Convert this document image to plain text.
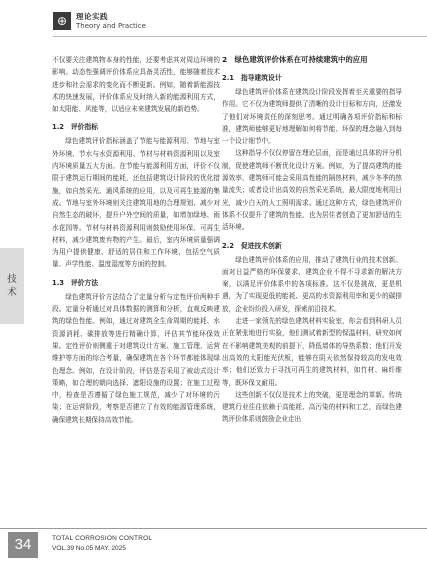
⊕	理论实践
Theory and Practice
技
术

不仅要关注建筑物本身的性能，还要考虑其对周边环境的影响。动态性强调评价体系应具备灵活性，能够随着技术进步和社会需求的变化而不断更新。例如，随着新能源技术的快速发展，评价体系应及时纳入新的能源利用方式，如太阳能、风能等，以适应未来建筑发展的新趋势。

1.2　评价指标

绿色建筑评价指标涵盖了节能与能源利用、节地与室外环境、节水与水资源利用、节材与材料资源利用以及室内环境质量五大方面。在节能与能源利用方面，评价不仅限于建筑运行期间的能耗，还包括建筑设计阶段的优化措施，如自然采光、通风系统的应用，以及可再生能源的集成。节地与室外环境则关注建筑用地的合理规划、减少对自然生态的破坏，提升户外空间的质量，如增加绿地、雨水花园等。节材与材料资源利用则鼓励使用环保、可再生材料，减少建筑废弃物的产生。最后，室内环境质量强调为用户提供健康、舒适的居住和工作环境，包括空气质量、声学性能、温度湿度等方面的控制。

1.3　评价方法

绿色建筑评价方法结合了定量分析与定性评价两种手段。定量分析通过对具体数据的测算和分析，直观反映建筑的绿色性能。例如，通过对建筑全生命周期的能耗、水资源消耗、碳排放等进行精确计算，评估其节能环保效果。定性评价则侧重于对建筑设计方案、施工管理、运营维护等方面的综合考量，确保建筑在各个环节都能体现绿色理念。例如，在设计阶段，评估是否采用了被动式设计策略，如合理的朝向选择、遮阳设施的设置；在施工过程中，检查是否遵循了绿色施工规范，减少了对环境的污染；在运营阶段，考察是否建立了有效的能源管理系统，确保建筑长期保持高效节能。

2　绿色建筑评价体系在可持续建筑中的应用
2.1　指导建筑设计

绿色建筑评价体系在建筑设计阶段发挥着至关重要的指导作用。它不仅为建筑师提供了清晰的设计目标和方向，还激发了他们对环境责任的深刻思考。通过明确各项评价指标和标准，建筑师能够更好地理解如何将节能、环保的理念融入到每一个设计细节中。

这种指导不仅仅停留在理论层面，而是通过具体的评分机制，促使建筑师不断优化设计方案。例如，为了提高建筑的能源效率，建筑师可能会采用高性能的隔热材料，减少冬季的热量流失；或者设计出高效的自然采光系统，最大限度地利用日光，减少白天的人工照明需求。通过这种方式，绿色建筑评价体系不仅提升了建筑的性能，也为居住者创造了更加舒适的生活环境。

2.2　促进技术创新

绿色建筑评价体系的应用，推动了建筑行业的技术创新。面对日益严格的环保要求，建筑企业不得不寻求新的解决方案，以满足评价体系中的各项标准。这不仅是挑战，更是机遇，为了实现更低的能耗、更高的水资源利用率和更少的碳排放，企业纷纷投入研发，探索前沿技术。

走进一家领先的绿色建筑材料实验室，你会看到科研人员正在紧张地进行实验，他们测试着新型的保温材料，研究如何在不影响建筑美观的前提下，降低墙体的导热系数；他们开发出高效的太阳能光伏板，能够在阴天依然保持较高的发电效率；他们还致力于寻找可再生的建筑材料，如竹材、麻纤维等，既环保又耐用。

这些创新不仅仅是技术上的突破，更是理念的革新。传统建筑行业往往依赖于高能耗、高污染的材料和工艺，而绿色建筑评价体系则鼓励企业走出

34	TOTAL CORROSION CONTROL
VOL.39 No.05 MAY. 2025
